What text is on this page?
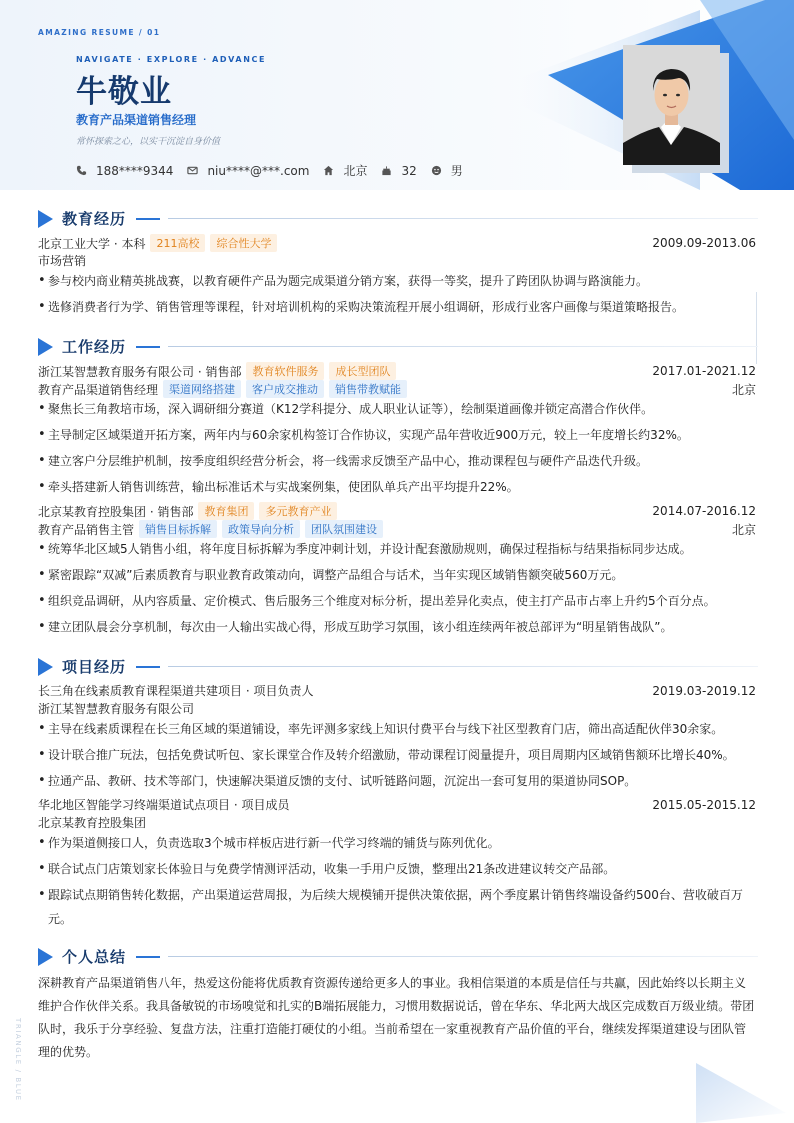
AMAZING RESUME / 01
NAVIGATE · EXPLORE · ADVANCE
牛敬业
教育产品渠道销售经理
常怀探索之心，以实干沉淀自身价值
188****9344	niu****@***.com	北京	32	男
教育经历
北京工业大学 · 本科	211高校	综合性大学	2009.09-2013.06
市场营销
• 参与校内商业精英挑战赛，以教育硬件产品为题完成渠道分销方案，获得一等奖，提升了跨团队协调与路演能力。
• 选修消费者行为学、销售管理等课程，针对培训机构的采购决策流程开展小组调研，形成行业客户画像与渠道策略报告。
工作经历
浙江某智慧教育服务有限公司 · 销售部	教育软件服务	成长型团队	2017.01-2021.12
教育产品渠道销售经理	渠道网络搭建	客户成交推动	销售带教赋能	北京
• 聚焦长三角教培市场，深入调研细分赛道（K12学科提分、成人职业认证等），绘制渠道画像并锁定高潜合作伙伴。
• 主导制定区域渠道开拓方案，两年内与60余家机构签订合作协议，实现产品年营收近900万元，较上一年度增长约32%。
• 建立客户分层维护机制，按季度组织经营分析会，将一线需求反馈至产品中心，推动课程包与硬件产品迭代升级。
• 牵头搭建新人销售训练营，输出标准话术与实战案例集，使团队单兵产出平均提升22%。
北京某教育控股集团 · 销售部	教育集团	多元教育产业	2014.07-2016.12
教育产品销售主管	销售目标拆解	政策导向分析	团队氛围建设	北京
• 统筹华北区域5人销售小组，将年度目标拆解为季度冲刺计划，并设计配套激励规则，确保过程指标与结果指标同步达成。
• 紧密跟踪“双减”后素质教育与职业教育政策动向，调整产品组合与话术，当年实现区域销售额突破560万元。
• 组织竞品调研，从内容质量、定价模式、售后服务三个维度对标分析，提出差异化卖点，使主打产品市占率上升约5个百分点。
• 建立团队晨会分享机制，每次由一人输出实战心得，形成互助学习氛围，该小组连续两年被总部评为“明星销售战队”。
项目经历
长三角在线素质教育课程渠道共建项目 · 项目负责人	2019.03-2019.12
浙江某智慧教育服务有限公司
• 主导在线素质课程在长三角区域的渠道铺设，率先评测多家线上知识付费平台与线下社区型教育门店，筛出高适配伙伴30余家。
• 设计联合推广玩法，包括免费试听包、家长课堂合作及转介绍激励，带动课程订阅量提升，项目周期内区域销售额环比增长40%。
• 拉通产品、教研、技术等部门，快速解决渠道反馈的支付、试听链路问题，沉淀出一套可复用的渠道协同SOP。
华北地区智能学习终端渠道试点项目 · 项目成员	2015.05-2015.12
北京某教育控股集团
• 作为渠道侧接口人，负责选取3个城市样板店进行新一代学习终端的铺货与陈列优化。
• 联合试点门店策划家长体验日与免费学情测评活动，收集一手用户反馈，整理出21条改进建议转交产品部。
• 跟踪试点期销售转化数据，产出渠道运营周报，为后续大规模铺开提供决策依据，两个季度累计销售终端设备约500台、营收破百万元。
个人总结
深耕教育产品渠道销售八年，热爱这份能将优质教育资源传递给更多人的事业。我相信渠道的本质是信任与共赢，因此始终以长期主义维护合作伙伴关系。我具备敏锐的市场嗅觉和扎实的B端拓展能力，习惯用数据说话，曾在华东、华北两大战区完成数百万级业绩。带团队时，我乐于分享经验、复盘方法，注重打造能打硬仗的小组。当前希望在一家重视教育产品价值的平台，继续发挥渠道建设与团队管理的优势。
TRIANGLE / BLUE
